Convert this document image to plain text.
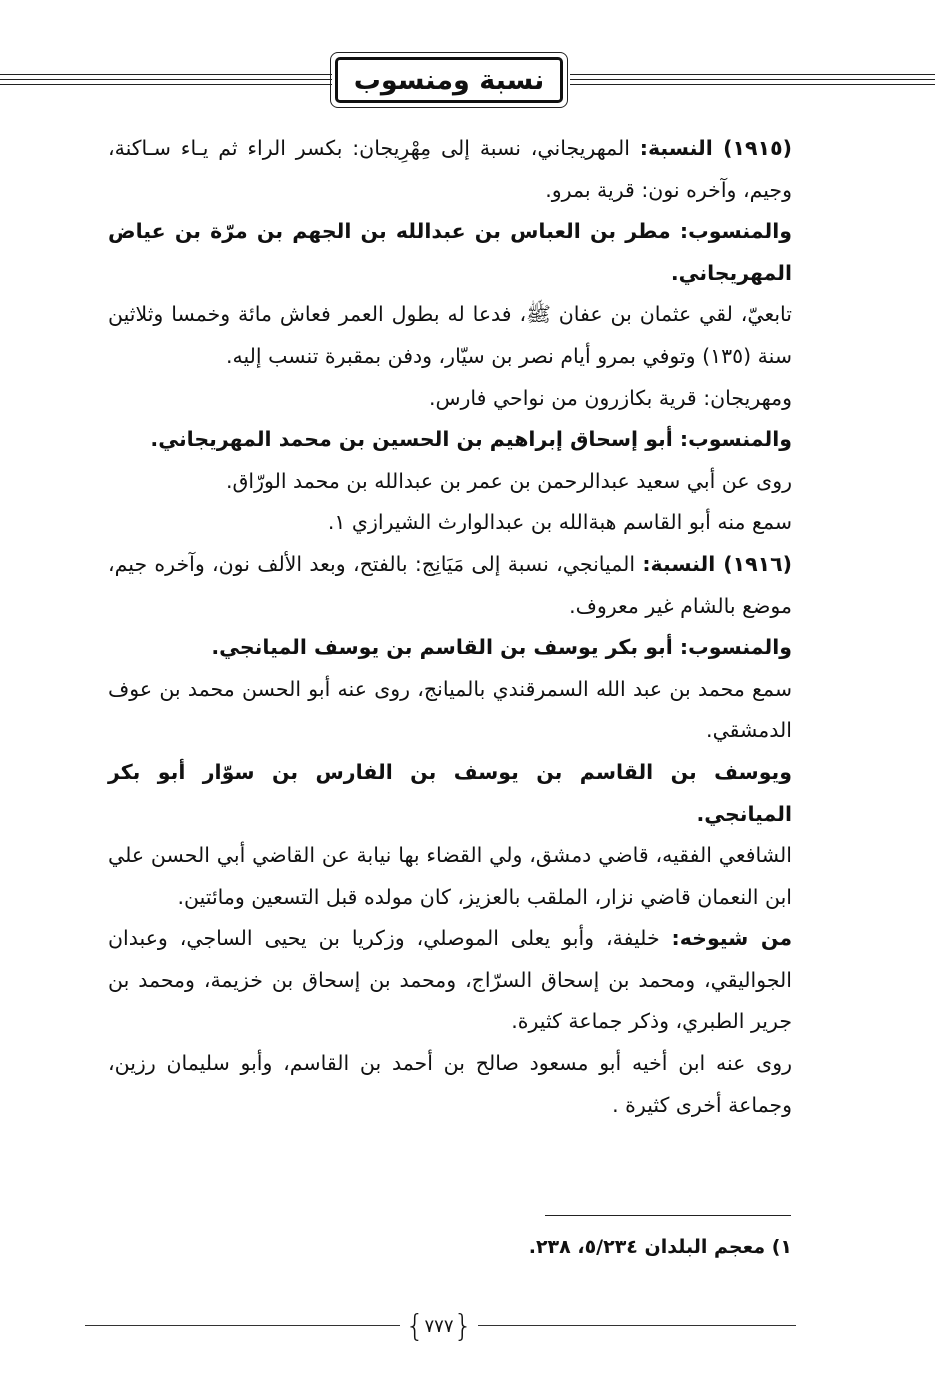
نسبة ومنسوب

(١٩١٥) النسبة: المهريجاني، نسبة إلى مِهْرِيجان: بكسر الراء ثم يـاء سـاكنة، وجيم، وآخره نون: قرية بمرو.

والمنسوب: مطر بن العباس بن عبدالله بن الجهم بن مرّة بن عياض المهريجاني.

تابعيّ، لقي عثمان بن عفان ﷺ، فدعا له بطول العمر فعاش مائة وخمسا وثلاثين سنة (١٣٥) وتوفي بمرو أيام نصر بن سيّار، ودفن بمقبرة تنسب إليه.

ومهريجان: قرية بكازرون من نواحي فارس.

والمنسوب: أبو إسحاق إبراهيم بن الحسين بن محمد المهريجاني.

روى عن أبي سعيد عبدالرحمن بن عمر بن عبدالله بن محمد الورّاق.

سمع منه أبو القاسم هبةالله بن عبدالوارث الشيرازي ١.

(١٩١٦) النسبة: الميانجي، نسبة إلى مَيَانِج: بالفتح، وبعد الألف نون، وآخره جيم، موضع بالشام غير معروف.

والمنسوب: أبو بكر يوسف بن القاسم بن يوسف الميانجي.

سمع محمد بن عبد الله السمرقندي بالميانج، روى عنه أبو الحسن محمد بن عوف الدمشقي.

ويوسف بن القاسم بن يوسف بن الفارس بن سوّار أبو بكر الميانجي.

الشافعي الفقيه، قاضي دمشق، ولي القضاء بها نيابة عن القاضي أبي الحسن علي ابن النعمان قاضي نزار، الملقب بالعزيز، كان مولده قبل التسعين ومائتين.

من شيوخه: خليفة، وأبو يعلى الموصلي، وزكريا بن يحيى الساجي، وعبدان الجواليقي، ومحمد بن إسحاق السرّاج، ومحمد بن إسحاق بن خزيمة، ومحمد بن جرير الطبري، وذكر جماعة كثيرة.

روى عنه ابن أخيه أبو مسعود صالح بن أحمد بن القاسم، وأبو سليمان رزين، وجماعة أخرى كثيرة .

١) معجم البلدان ٥/٢٣٤، ٢٣٨.
{
٧٧٧
}
